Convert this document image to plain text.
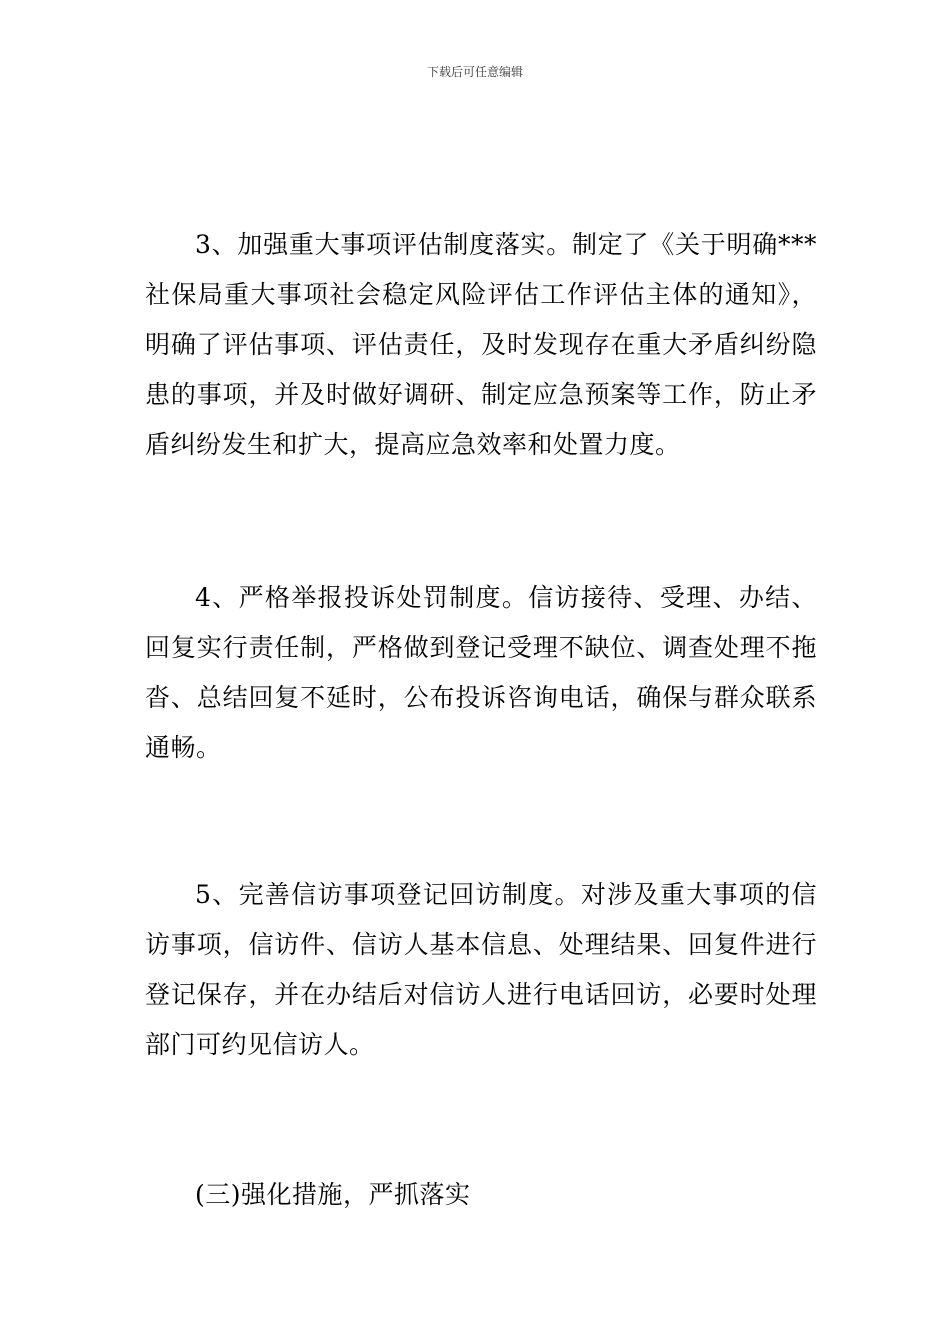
下载后可任意编辑

3、加强重大事项评估制度落实。制定了《关于明确***社保局重大事项社会稳定风险评估工作评估主体的通知》，明确了评估事项、评估责任，及时发现存在重大矛盾纠纷隐患的事项，并及时做好调研、制定应急预案等工作，防止矛盾纠纷发生和扩大，提高应急效率和处置力度。

4、严格举报投诉处罚制度。信访接待、受理、办结、回复实行责任制，严格做到登记受理不缺位、调查处理不拖沓、总结回复不延时，公布投诉咨询电话，确保与群众联系通畅。

5、完善信访事项登记回访制度。对涉及重大事项的信访事项，信访件、信访人基本信息、处理结果、回复件进行登记保存，并在办结后对信访人进行电话回访，必要时处理部门可约见信访人。

(三)强化措施，严抓落实
